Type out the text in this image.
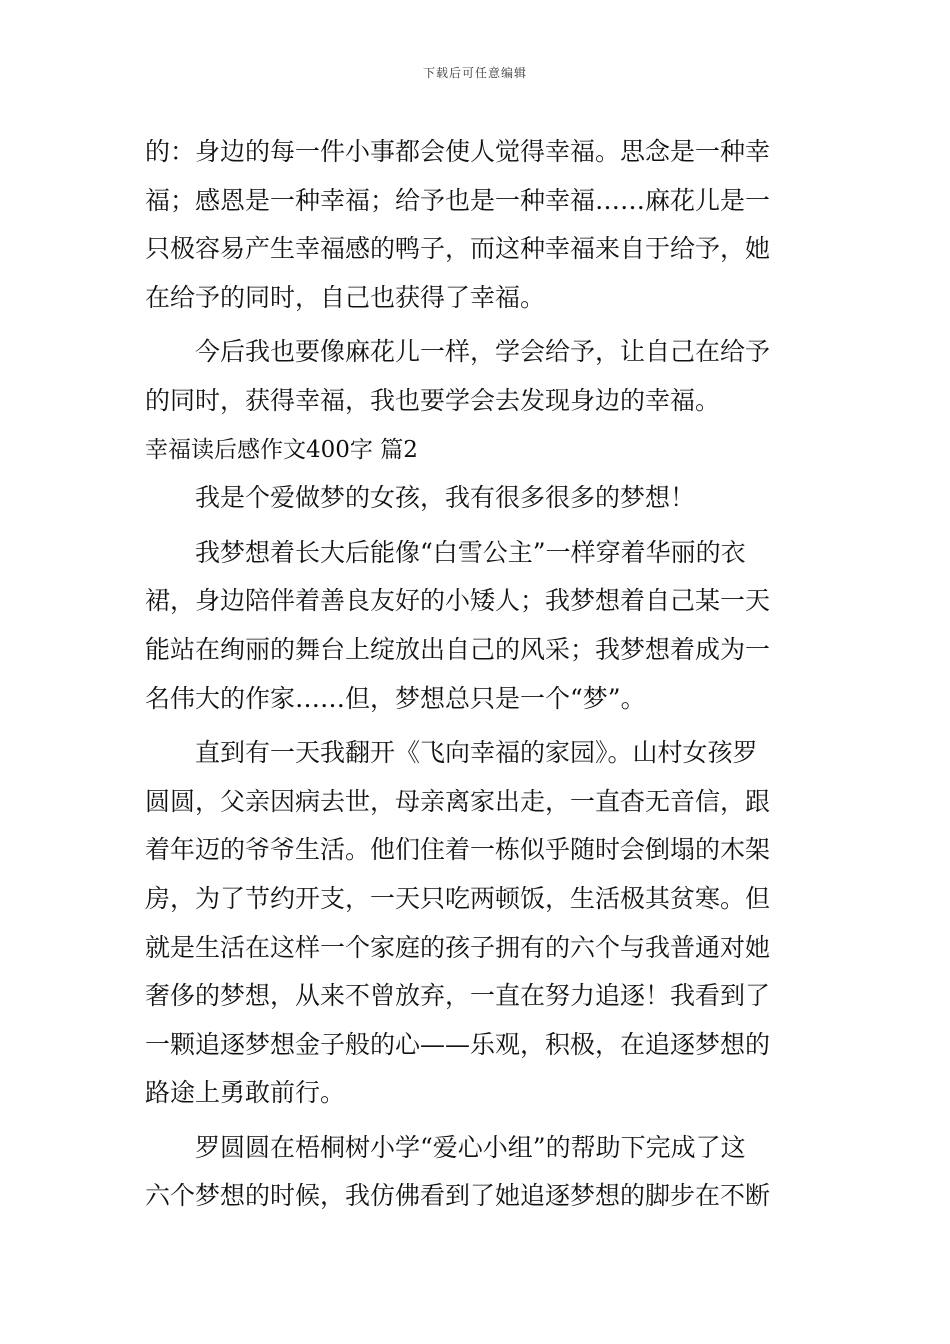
下载后可任意编辑
的：身边的每一件小事都会使人觉得幸福。思念是一种幸
福；感恩是一种幸福；给予也是一种幸福……麻花儿是一
只极容易产生幸福感的鸭子，而这种幸福来自于给予，她
在给予的同时，自己也获得了幸福。
今后我也要像麻花儿一样，学会给予，让自己在给予
的同时，获得幸福，我也要学会去发现身边的幸福。
幸福读后感作文400字 篇2
我是个爱做梦的女孩，我有很多很多的梦想！
我梦想着长大后能像“白雪公主”一样穿着华丽的衣
裙，身边陪伴着善良友好的小矮人；我梦想着自己某一天
能站在绚丽的舞台上绽放出自己的风采；我梦想着成为一
名伟大的作家……但，梦想总只是一个“梦”。
直到有一天我翻开《飞向幸福的家园》。山村女孩罗
圆圆，父亲因病去世，母亲离家出走，一直杳无音信，跟
着年迈的爷爷生活。他们住着一栋似乎随时会倒塌的木架
房，为了节约开支，一天只吃两顿饭，生活极其贫寒。但
就是生活在这样一个家庭的孩子拥有的六个与我普通对她
奢侈的梦想，从来不曾放弃，一直在努力追逐！我看到了
一颗追逐梦想金子般的心——乐观，积极，在追逐梦想的
路途上勇敢前行。
罗圆圆在梧桐树小学“爱心小组”的帮助下完成了这
六个梦想的时候，我仿佛看到了她追逐梦想的脚步在不断
